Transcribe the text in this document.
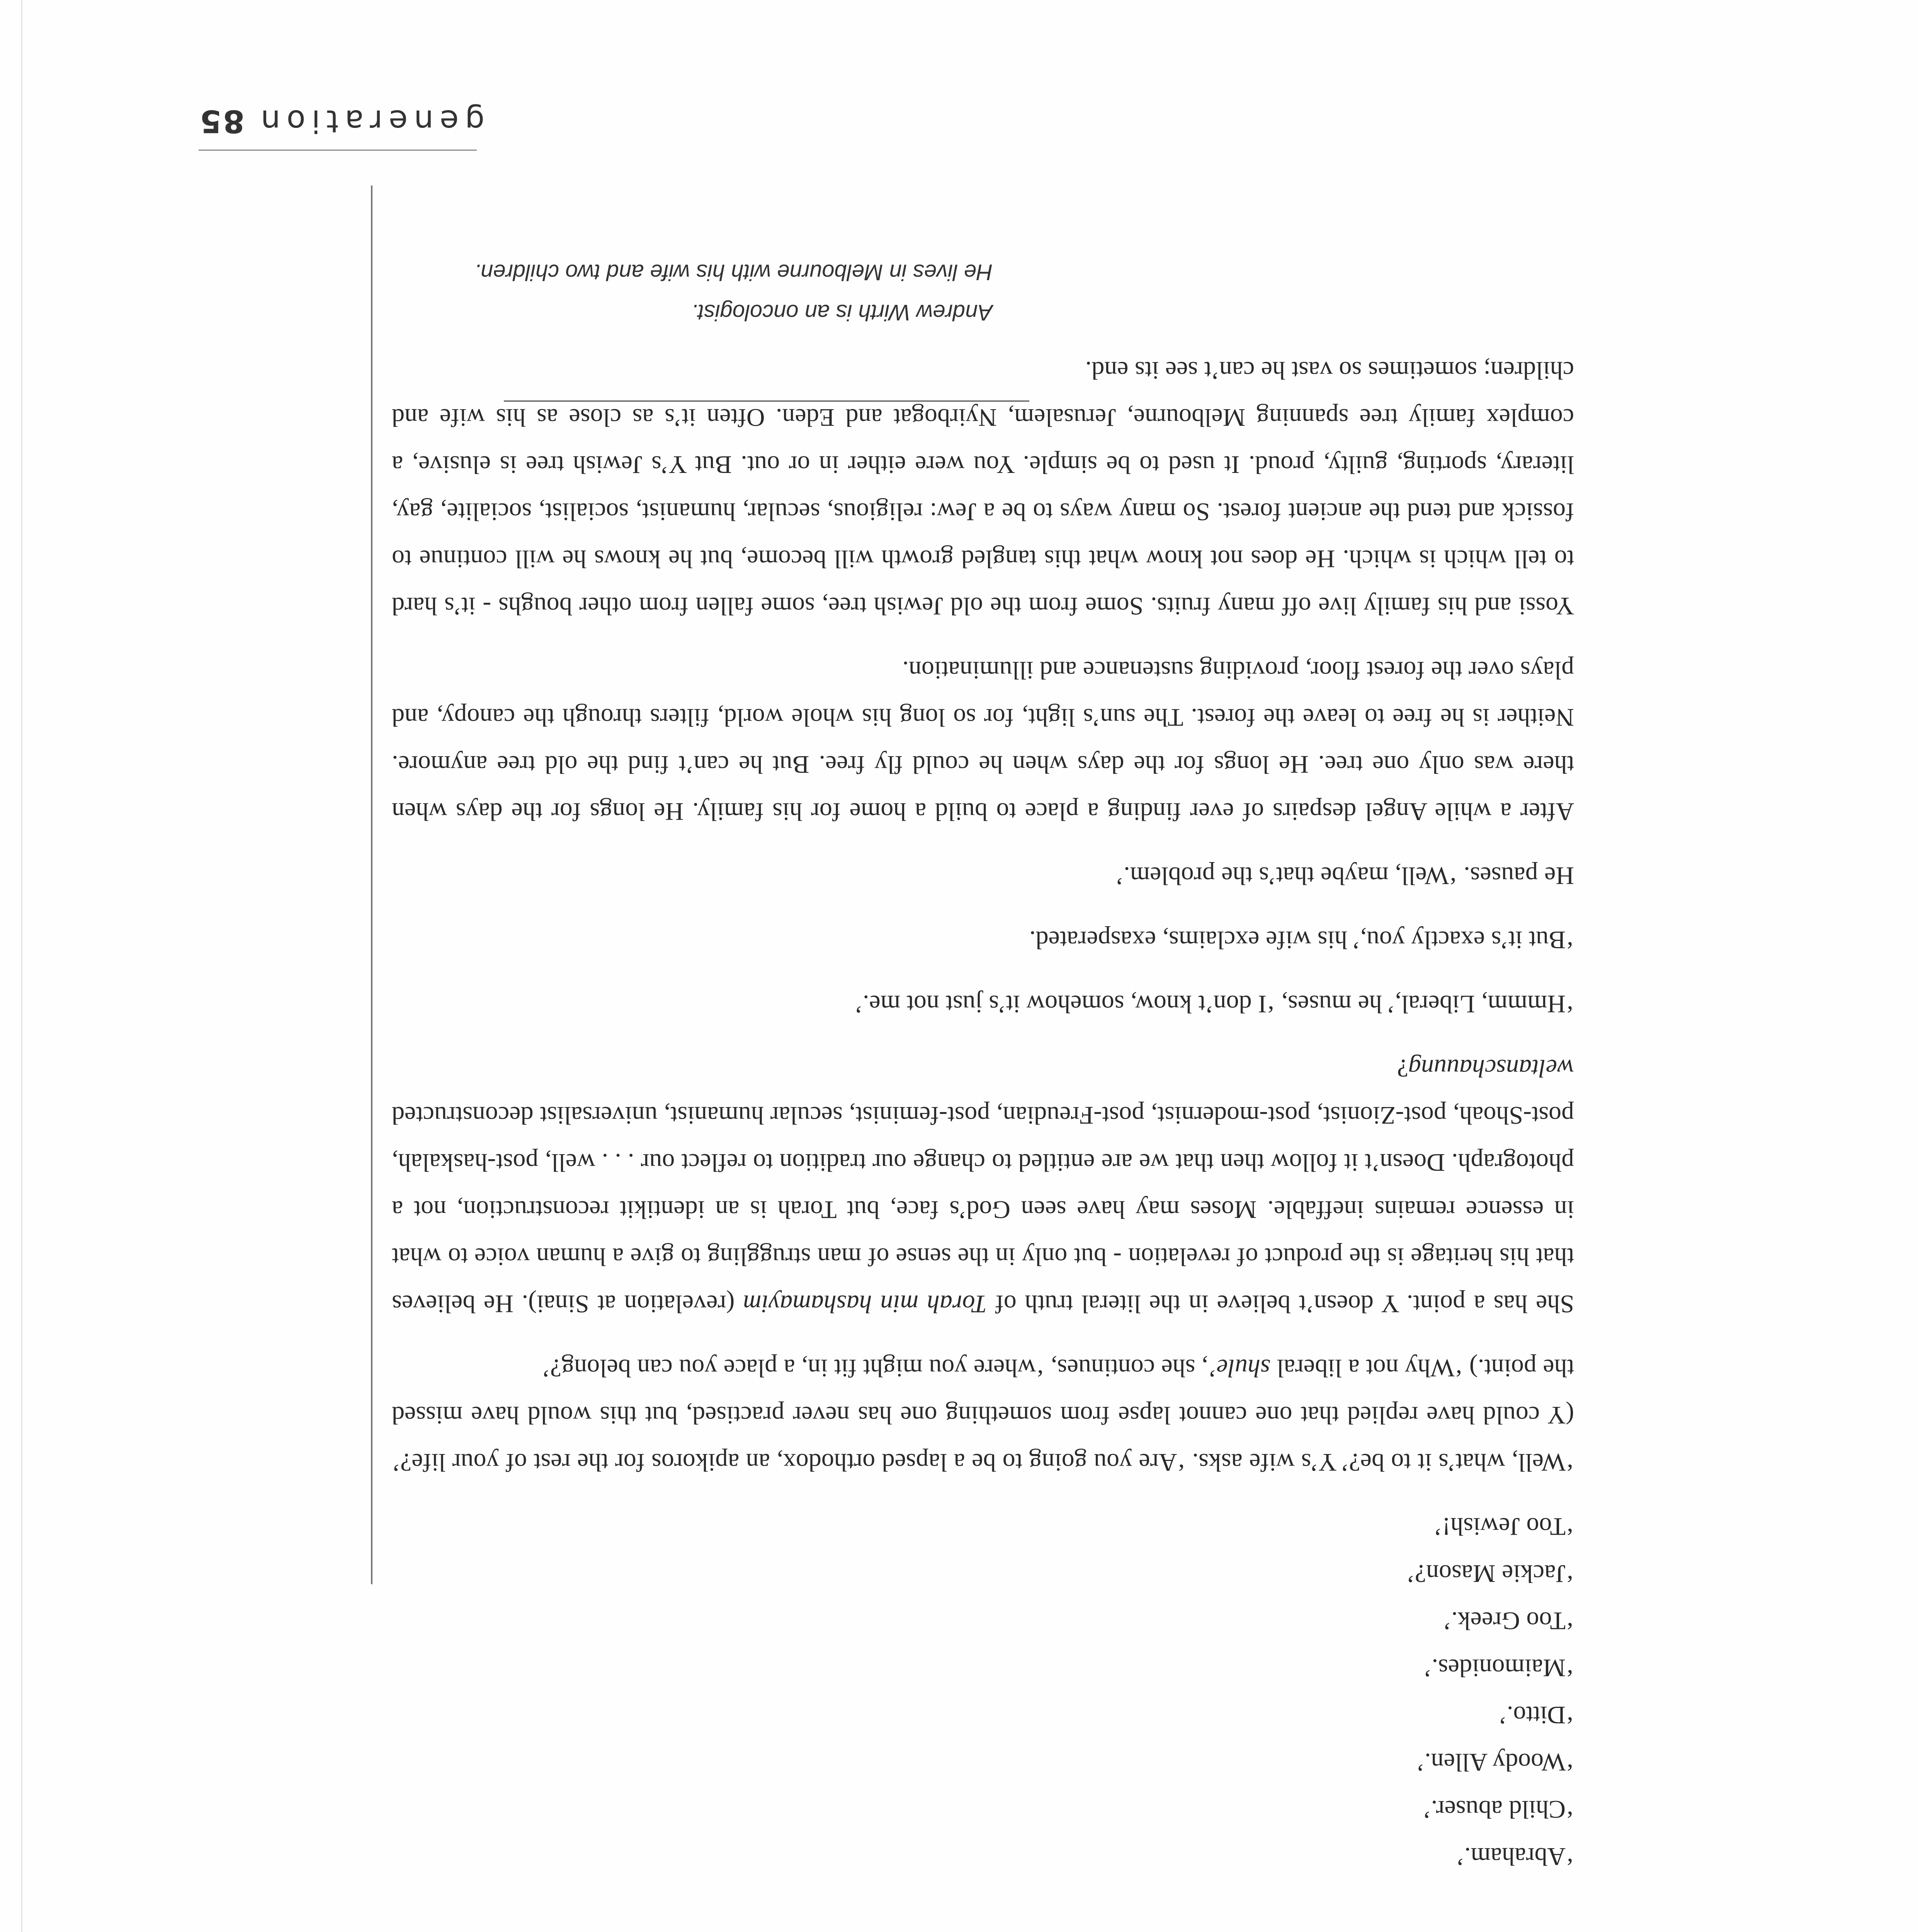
‘Abraham.’

‘Child abuser.’

‘Woody Allen.’

‘Ditto.’

‘Maimonides.’

‘Too Greek.’

‘Jackie Mason?’

‘Too Jewish!’

‘Well, what’s it to be?’ Y’s wife asks. ‘Are you going to be a lapsed orthodox, an apikoros for the rest of your life?’ (Y could have replied that one cannot lapse from something one has never practised, but this would have missed the point.) ‘Why not a liberal shule’, she continues, ‘where you might fit in, a place you can belong?’

She has a point. Y doesn’t believe in the literal truth of Torah min hashamayim (revelation at Sinai). He believes that his heritage is the product of revelation - but only in the sense of man struggling to give a human voice to what in essence remains ineffable. Moses may have seen God’s face, but Torah is an identikit reconstruction, not a photograph. Doesn’t it follow then that we are entitled to change our tradition to reflect our . . . well, post-haskalah, post-Shoah, post-Zionist, post-modernist, post-Freudian, post-feminist, secular humanist, universalist deconstructed weltanschauung?

‘Hmmm, Liberal,’ he muses, ‘I don’t know, somehow it’s just not me.’

‘But it’s exactly you,’ his wife exclaims, exasperated.

He pauses. ‘Well, maybe that’s the problem.’

After a while Angel despairs of ever finding a place to build a home for his family. He longs for the days when there was only one tree. He longs for the days when he could fly free. But he can’t find the old tree anymore. Neither is he free to leave the forest. The sun’s light, for so long his whole world, filters through the canopy, and plays over the forest floor, providing sustenance and illumination.

Yossi and his family live off many fruits. Some from the old Jewish tree, some fallen from other boughs - it’s hard to tell which is which. He does not know what this tangled growth will become, but he knows he will continue to fossick and tend the ancient forest. So many ways to be a Jew: religious, secular, humanist, socialist, socialite, gay, literary, sporting, guilty, proud. It used to be simple. You were either in or out. But Y’s Jewish tree is elusive, a complex family tree spanning Melbourne, Jerusalem, Nyirbogat and Eden. Often it’s as close as his wife and children; sometimes so vast he can’t see its end.

Andrew Wirth is an oncologist.
He lives in Melbourne with his wife and two children.
generation85
